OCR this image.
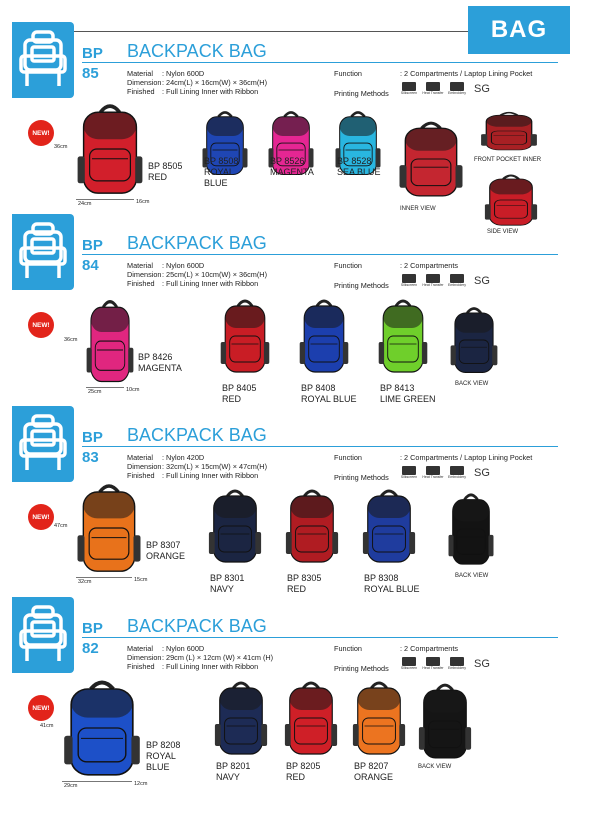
BAG
BP
85
BACKPACK BAG
Material : Nylon 600D
Dimension: 24cm(L) × 16cm(W) × 36cm(H)
Finished : Full Lining Inner with Ribbon
Function	: 2 Compartments / Laptop Lining Pocket
Printing Methods	Silkscreen Heat Transfer Embroidery SG
NEW!
BP 8505
RED
36cm
24cm	16cm
BP 8508
ROYAL
BLUE
BP 8526
MAGENTA
BP 8528
SEA BLUE
INNER VIEW
FRONT POCKET INNER
SIDE VIEW
BP
84
BACKPACK BAG
Material : Nylon 600D
Dimension: 25cm(L) × 10cm(W) × 36cm(H)
Finished : Full Lining Inner with Ribbon
Function	: 2 Compartments
Printing Methods	Silkscreen Heat Transfer Embroidery SG
NEW!
BP 8426
MAGENTA
36cm
25cm	10cm	BP 8405
RED
BP 8408
ROYAL BLUE
BP 8413
LIME GREEN
BACK VIEW
BP
83
BACKPACK BAG
Material : Nylon 420D
Dimension: 32cm(L) × 15cm(W) × 47cm(H)
Finished : Full Lining Inner with Ribbon
Function	: 2 Compartments / Laptop Lining Pocket
Printing Methods	Silkscreen Heat Transfer Embroidery SG
NEW!
BP 8307
ORANGE
47cm
32cm	15cm	BP 8301
NAVY
BP 8305
RED
BP 8308
ROYAL BLUE
BACK VIEW
BP
82
BACKPACK BAG
Material : Nylon 600D
Dimension: 29cm (L) × 12cm (W) × 41cm (H)
Finished : Full Lining Inner with Ribbon
Function	: 2 Compartments
Printing Methods	Silkscreen Heat Transfer Embroidery SG
NEW!
BP 8208
ROYAL
BLUE
41cm
29cm	12cm
BP 8201
NAVY
BP 8205
RED
BP 8207
ORANGE
BACK VIEW
